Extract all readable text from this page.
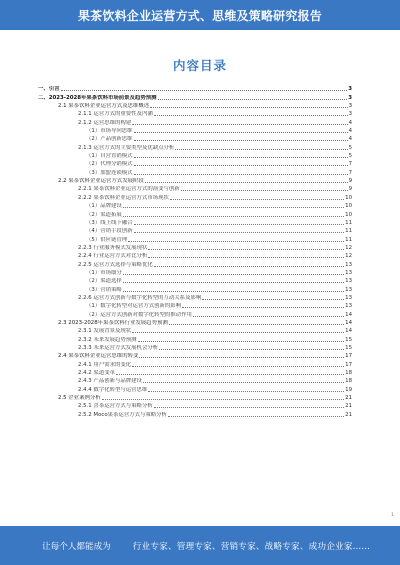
果茶饮料企业运营方式、思维及策略研究报告
内容目录
一、引言	3
二、2023-2028年果茶饮料市场前景及趋势预测	3
2.1 果茶饮料企业运营方式及思维概述	3
2.1.1 运营方式的重要性及内涵	3
2.1.2 运营思维的构建	4
（1）市场导向思维	4
（2）产品创新思维	4
2.1.3 运营方式的主要类型及优缺点分析	5
（1）自营直销模式	5
（2）代理分销模式	7
（3）加盟连锁模式	7
2.2 果茶饮料企业运营方式发展阶段	9
2.2.1 果茶饮料企业运营方式的演变与创新	9
2.2.2 果茶饮料企业运营方式市场现状	10
（1）品牌建设	10
（2）渠道拓展	10
（3）线上线下融合	11
（4）营销手段创新	11
（5）供应链管理	11
2.2.3 行业服务模式发展现状	12
2.2.4 行业运营方式对比分析	12
2.2.5 运营方式选择与策略优化	13
（1）市场细分	13
（2）渠道选择	13
（3）营销策略	13
2.2.6 运营方式创新与数字化转型的互动关系及影响	13
（1）数字化转型对运营方式创新的影响	13
（2）运营方式创新对数字化转型的推动作用	14
2.3 2023-2028年果茶饮料行业发展趋势预测	14
2.3.1 发展背景及现状	14
2.3.2 未来发展趋势预测	15
2.3.3 未来运营方式发展机会分析	15
2.4 果茶饮料企业运营思维的转变	17
2.4.1 用户需求的变化	17
2.4.2 渠道变革	18
2.4.3 产品创新与品牌建设	18
2.4.4 数字化转型与运营思维	19
2.5 企业案例分析	21
2.5.1 喜茶运营方式与策略分析	21
2.5.2 Moco果茶运营方式与策略分析	21
1
让每个人都能成为	行业专家、管理专家、营销专家、战略专家、成功企业家……
